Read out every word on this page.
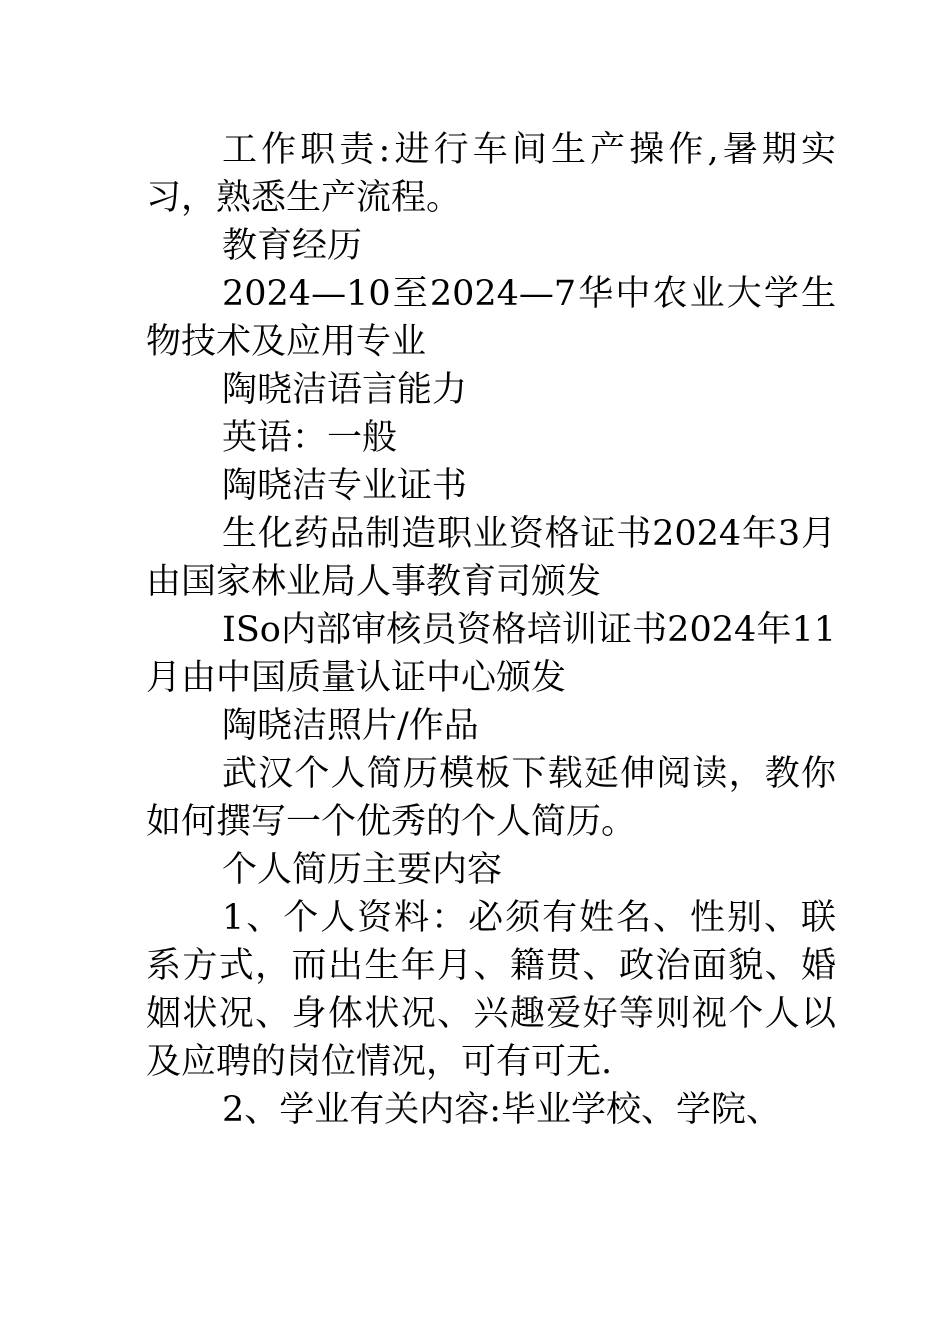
工作职责:进行车间生产操作,暑期实习，熟悉生产流程。

教育经历

2024—10至2024—7华中农业大学生物技术及应用专业

陶晓洁语言能力

英语：一般

陶晓洁专业证书

生化药品制造职业资格证书2024年3月由国家林业局人事教育司颁发

ISo内部审核员资格培训证书2024年11月由中国质量认证中心颁发

陶晓洁照片/作品

武汉个人简历模板下载延伸阅读，教你如何撰写一个优秀的个人简历。

个人简历主要内容

1、个人资料：必须有姓名、性别、联系方式，而出生年月、籍贯、政治面貌、婚姻状况、身体状况、兴趣爱好等则视个人以及应聘的岗位情况，可有可无.

2、学业有关内容:毕业学校、学院、
